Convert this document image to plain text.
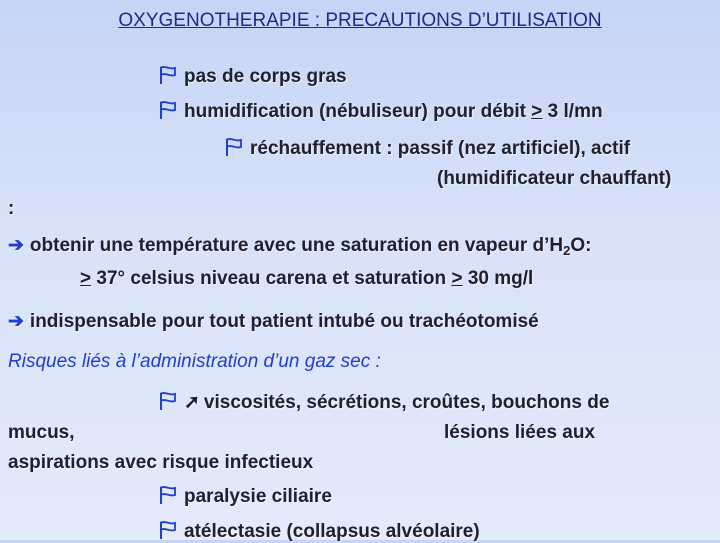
OXYGENOTHERAPIE : PRECAUTIONS D’UTILISATION
pas de corps gras
humidification (nébuliseur) pour débit ≥ 3 l/mn
réchauffement : passif (nez artificiel), actif
(humidificateur chauffant)
:
➔ obtenir une température avec une saturation en vapeur $d’H_2O$:
≥ 37° celsius niveau carena et saturation ≥ 30 mg/l
➔ indispensable pour tout patient intubé ou trachéotomisé
Risques liés à l’administration d’un gaz sec :
➚ viscosités, sécrétions, croûtes, bouchons de
mucus,	lésions liées aux
aspirations avec risque infectieux
paralysie ciliaire
atélectasie (collapsus alvéolaire)
